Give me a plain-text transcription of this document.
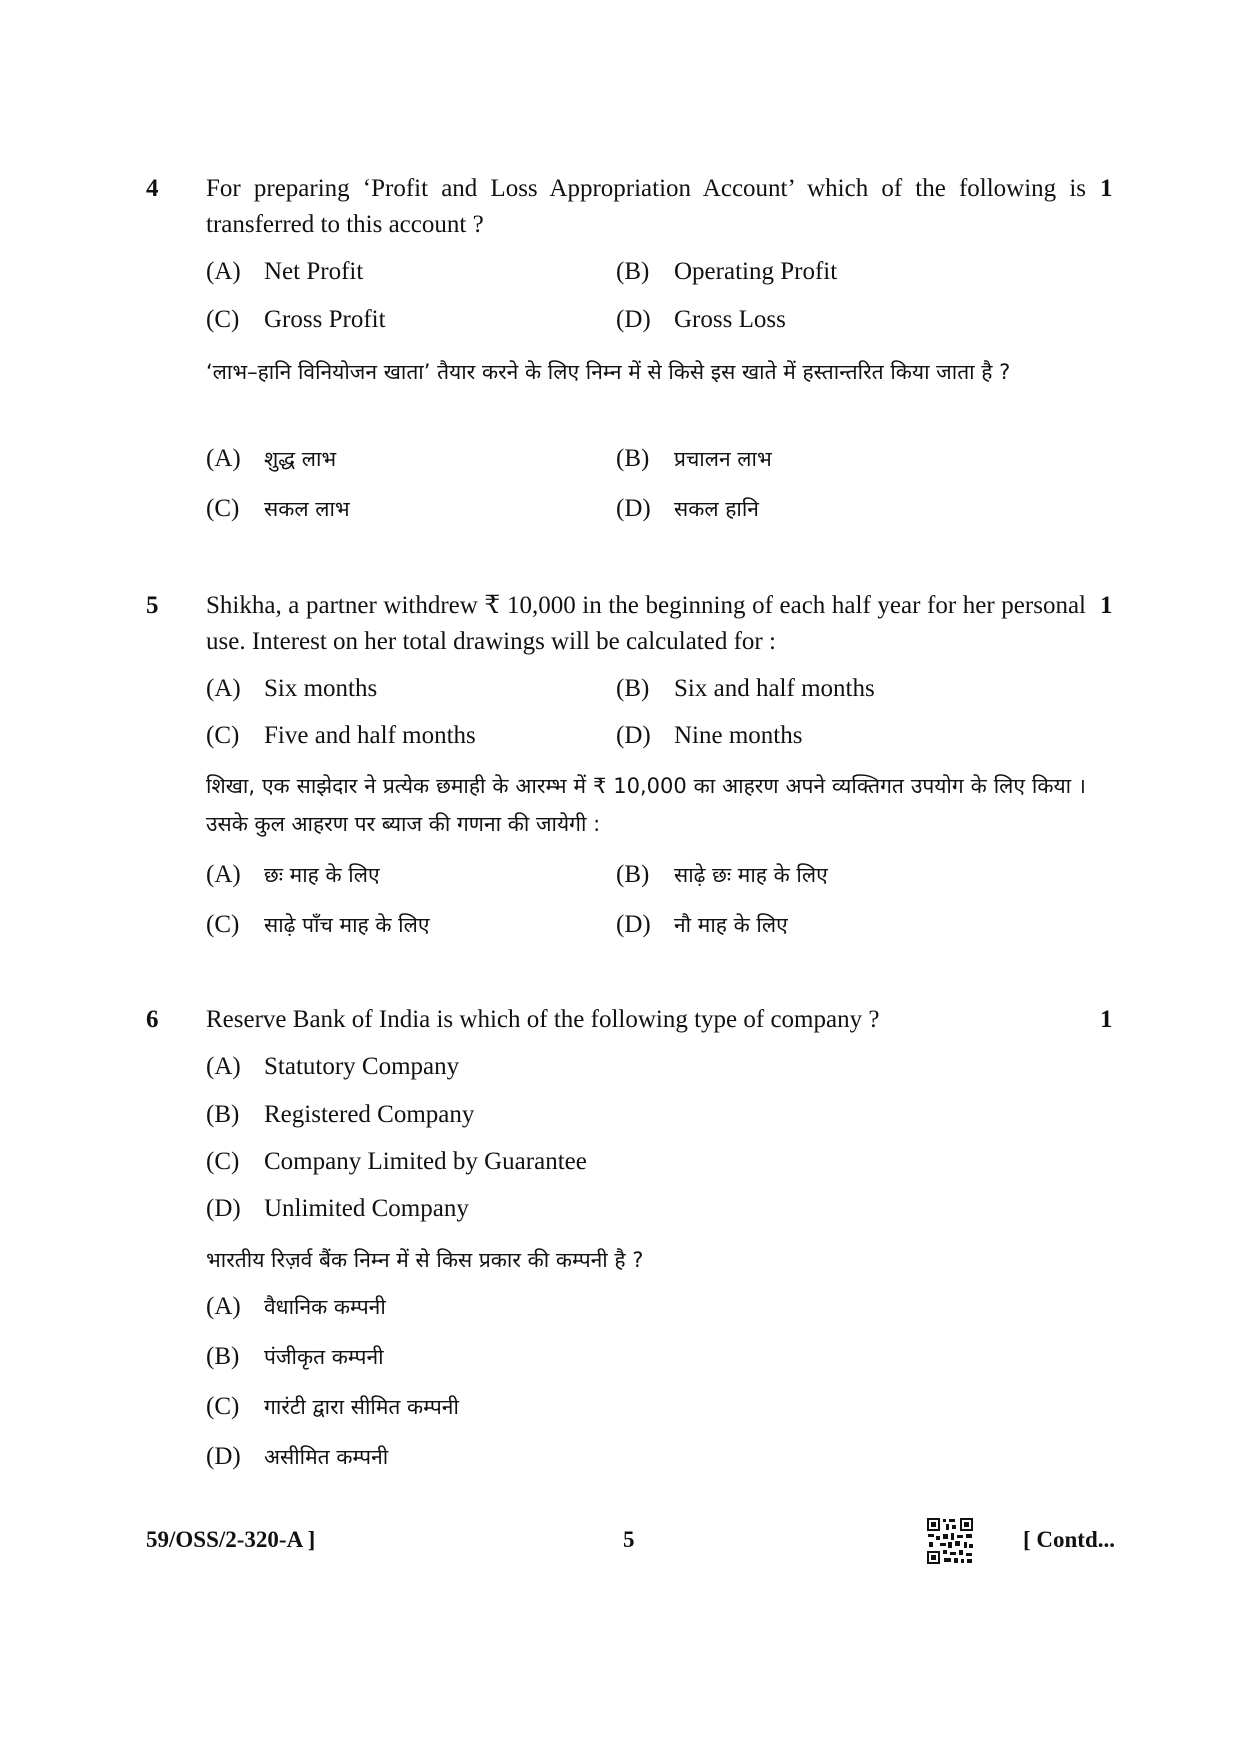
4 For preparing ‘Profit and Loss Appropriation Account’ which of the following is transferred to this account ?
1
(A) Net Profit	(B) Operating Profit
(C) Gross Profit	(D) Gross Loss
‘लाभ–हानि विनियोजन खाता’ तैयार करने के लिए निम्न में से किसे इस खाते में हस्तान्तरित किया जाता है ?
(A) शुद्ध लाभ	(B) प्रचालन लाभ
(C) सकल लाभ	(D) सकल हानि
5 Shikha, a partner withdrew ₹ 10,000 in the beginning of each half year for her personal use. Interest on her total drawings will be calculated for :
1
(A) Six months	(B) Six and half months
(C) Five and half months	(D) Nine months
शिखा, एक साझेदार ने प्रत्येक छमाही के आरम्भ में ₹ 10,000 का आहरण अपने व्यक्तिगत उपयोग के लिए किया । उसके कुल आहरण पर ब्याज की गणना की जायेगी :
(A) छः माह के लिए	(B) साढ़े छः माह के लिए
(C) साढ़े पाँच माह के लिए	(D) नौ माह के लिए
6 Reserve Bank of India is which of the following type of company ?	1
(A) Statutory Company
(B) Registered Company
(C) Company Limited by Guarantee
(D) Unlimited Company
भारतीय रिज़र्व बैंक निम्न में से किस प्रकार की कम्पनी है ?
(A) वैधानिक कम्पनी
(B) पंजीकृत कम्पनी
(C) गारंटी द्वारा सीमित कम्पनी
(D) असीमित कम्पनी
59/OSS/2-320-A ]	5	[ Contd...
